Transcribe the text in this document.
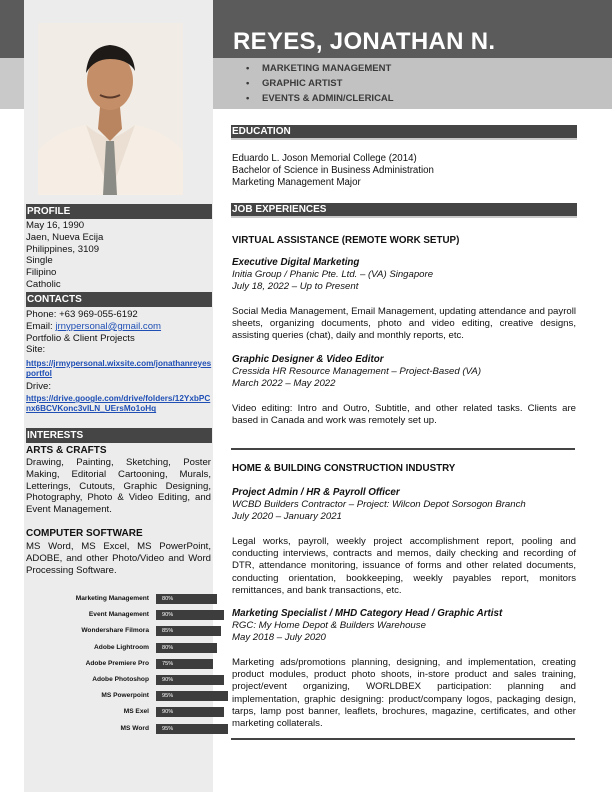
REYES, JONATHAN N.
• MARKETING MANAGEMENT
• GRAPHIC ARTIST
• EVENTS & ADMIN/CLERICAL
PROFILE
May 16, 1990
Jaen, Nueva Ecija
Philippines, 3109
Single
Filipino
Catholic
CONTACTS
Phone: +63 969-055-6192
Email: jrnypersonal@gmail.com
Portfolio & Client Projects
Site:
https://jrmypersonal.wixsite.com/jonathanreyesportfol
Drive:
https://drive.google.com/drive/folders/12YxbPCnx6BCVKonc3vILN_UErsMo1oHq
INTERESTS
ARTS & CRAFTS
Drawing, Painting, Sketching, Poster Making, Editorial Cartooning, Murals, Letterings, Cutouts, Graphic Designing, Photography, Photo & Video Editing, and Event Management.
COMPUTER SOFTWARE
MS Word, MS Excel, MS PowerPoint, ADOBE, and other Photo/Video and Word Processing Software.
Marketing Management 80%
Event Management 90%
Wondershare Filmora 85%
Adobe Lightroom 80%
Adobe Premiere Pro 75%
Adobe Photoshop 90%
MS Powerpoint 95%
MS Exel 90%
MS Word 95%
EDUCATION
Eduardo L. Joson Memorial College (2014)
Bachelor of Science in Business Administration
Marketing Management Major
JOB EXPERIENCES
VIRTUAL ASSISTANCE (REMOTE WORK SETUP)
Executive Digital Marketing
Initia Group / Phanic Pte. Ltd. – (VA) Singapore
July 18, 2022 – Up to Present
Social Media Management, Email Management, updating attendance and payroll sheets, organizing documents, photo and video editing, creative designs, assisting queries (chat), daily and monthly reports, etc.
Graphic Designer & Video Editor
Cressida HR Resource Management – Project-Based (VA)
March 2022 – May 2022
Video editing: Intro and Outro, Subtitle, and other related tasks. Clients are based in Canada and work was remotely set up.
HOME & BUILDING CONSTRUCTION INDUSTRY
Project Admin / HR & Payroll Officer
WCBD Builders Contractor – Project: Wilcon Depot Sorsogon Branch
July 2020 – January 2021
Legal works, payroll, weekly project accomplishment report, pooling and conducting interviews, contracts and memos, daily checking and recording of DTR, attendance monitoring, issuance of forms and other related documents, conducting orientation, bookkeeping, weekly payables report, monitors remittances, and bank transactions, etc.
Marketing Specialist / MHD Category Head / Graphic Artist
RGC: My Home Depot & Builders Warehouse
May 2018 – July 2020
Marketing ads/promotions planning, designing, and implementation, creating product modules, product photo shoots, in-store product and sales training, project/event organizing, WORLDBEX participation: planning and implementation, graphic designing: product/company logos, packaging design, tarps, lamp post banner, leaflets, brochures, magazine, certificates, and other marketing collaterals.
